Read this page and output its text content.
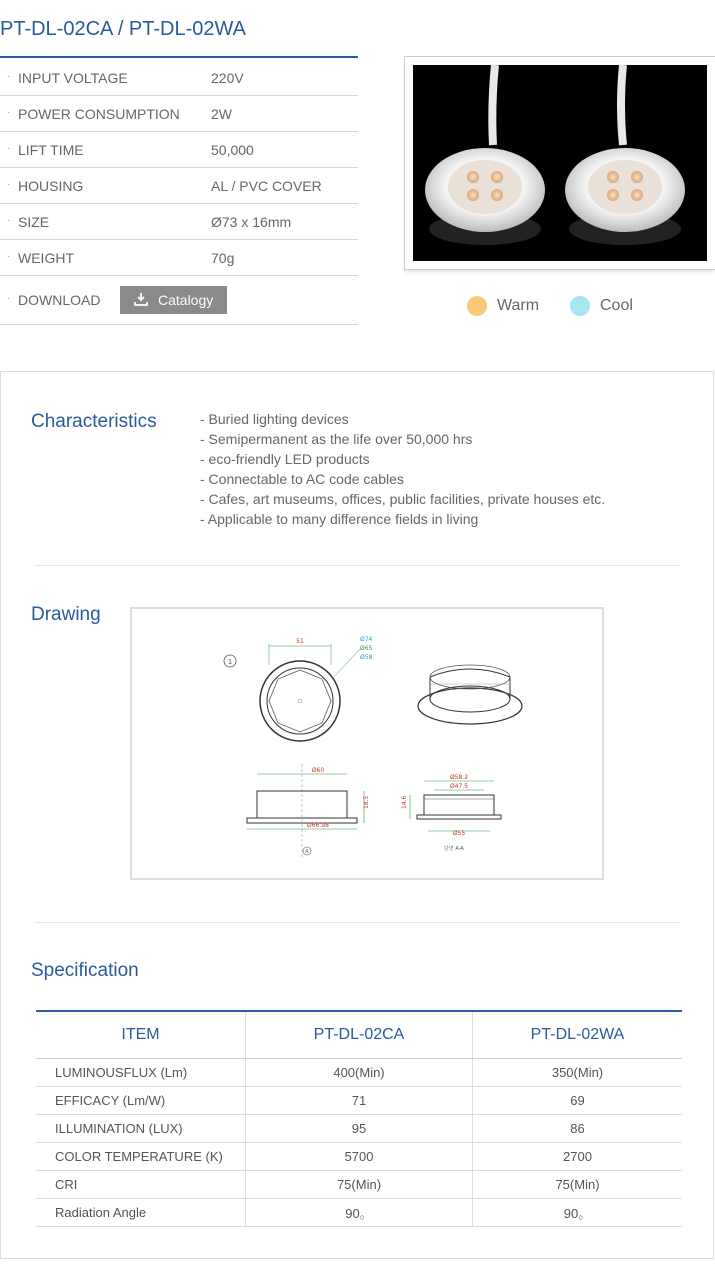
PT-DL-02CA / PT-DL-02WA
· INPUT VOLTAGE	220V
· POWER CONSUMPTION 2W
· LIFT TIME	50,000
· HOUSING	AL / PVC COVER
· SIZE	Ø73 x 16mm
· WEIGHT	70g
· DOWNLOAD	Catalogy	Warm	Cool
Characteristics	- Buried lighting devices
- Semipermanent as the life over 50,000 hrs
- eco-friendly LED products
- Connectable to AC code cables
- Cafes, art museums, offices, public facilities, private houses etc.
- Applicable to many difference fields in living
Drawing
1
51	Ø74
Ø65
Ø58
Ø60
Ø66.98
18.5
A
Ø58.2
Ø47.5
Ø55
14.6
단면 A-A
Specification
ITEM	PT-DL-02CA	PT-DL-02WA
LUMINOUSFLUX (Lm)	400(Min)	350(Min)
EFFICACY (Lm/W)	71	69
ILLUMINATION (LUX)	95	86
COLOR TEMPERATURE (K)	5700	2700
CRI	75(Min)	75(Min)
Radiation Angle	90。	90。
